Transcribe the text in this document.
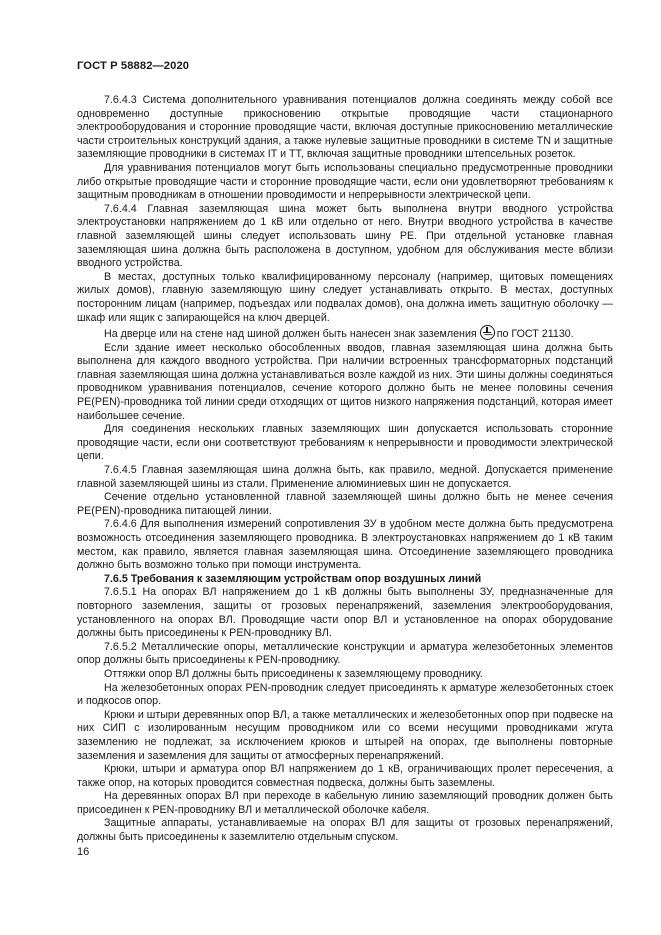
ГОСТ Р 58882—2020

7.6.4.3 Система дополнительного уравнивания потенциалов должна соединять между собой все одновременно доступные прикосновению открытые проводящие части стационарного электрооборудования и сторонние проводящие части, включая доступные прикосновению металлические части строительных конструкций здания, а также нулевые защитные проводники в системе TN и защитные заземляющие проводники в системах IT и TT, включая защитные проводники штепсельных розеток.

Для уравнивания потенциалов могут быть использованы специально предусмотренные проводники либо открытые проводящие части и сторонние проводящие части, если они удовлетворяют требованиям к защитным проводникам в отношении проводимости и непрерывности электрической цепи.

7.6.4.4 Главная заземляющая шина может быть выполнена внутри вводного устройства электроустановки напряжением до 1 кВ или отдельно от него. Внутри вводного устройства в качестве главной заземляющей шины следует использовать шину PE. При отдельной установке главная заземляющая шина должна быть расположена в доступном, удобном для обслуживания месте вблизи вводного устройства.

В местах, доступных только квалифицированному персоналу (например, щитовых помещениях жилых домов), главную заземляющую шину следует устанавливать открыто. В местах, доступных посторонним лицам (например, подъездах или подвалах домов), она должна иметь защитную оболочку — шкаф или ящик с запирающейся на ключ дверцей.

На дверце или на стене над шиной должен быть нанесен знак заземления по ГОСТ 21130.

Если здание имеет несколько обособленных вводов, главная заземляющая шина должна быть выполнена для каждого вводного устройства. При наличии встроенных трансформаторных подстанций главная заземляющая шина должна устанавливаться возле каждой из них. Эти шины должны соединяться проводником уравнивания потенциалов, сечение которого должно быть не менее половины сечения PE(PEN)-проводника той линии среди отходящих от щитов низкого напряжения подстанций, которая имеет наибольшее сечение.

Для соединения нескольких главных заземляющих шин допускается использовать сторонние проводящие части, если они соответствуют требованиям к непрерывности и проводимости электрической цепи.

7.6.4.5 Главная заземляющая шина должна быть, как правило, медной. Допускается применение главной заземляющей шины из стали. Применение алюминиевых шин не допускается.

Сечение отдельно установленной главной заземляющей шины должно быть не менее сечения PE(PEN)-проводника питающей линии.

7.6.4.6 Для выполнения измерений сопротивления ЗУ в удобном месте должна быть предусмотрена возможность отсоединения заземляющего проводника. В электроустановках напряжением до 1 кВ таким местом, как правило, является главная заземляющая шина. Отсоединение заземляющего проводника должно быть возможно только при помощи инструмента.

7.6.5 Требования к заземляющим устройствам опор воздушных линий

7.6.5.1 На опорах ВЛ напряжением до 1 кВ должны быть выполнены ЗУ, предназначенные для повторного заземления, защиты от грозовых перенапряжений, заземления электрооборудования, установленного на опорах ВЛ. Проводящие части опор ВЛ и установленное на опорах оборудование должны быть присоединены к PEN-проводнику ВЛ.

7.6.5.2 Металлические опоры, металлические конструкции и арматура железобетонных элементов опор должны быть присоединены к PEN-проводнику.

Оттяжки опор ВЛ должны быть присоединены к заземляющему проводнику.

На железобетонных опорах PEN-проводник следует присоединять к арматуре железобетонных стоек и подкосов опор.

Крюки и штыри деревянных опор ВЛ, а также металлических и железобетонных опор при подвеске на них СИП с изолированным несущим проводником или со всеми несущими проводниками жгута заземлению не подлежат, за исключением крюков и штырей на опорах, где выполнены повторные заземления и заземления для защиты от атмосферных перенапряжений.

Крюки, штыри и арматура опор ВЛ напряжением до 1 кВ, ограничивающих пролет пересечения, а также опор, на которых проводится совместная подвеска, должны быть заземлены.

На деревянных опорах ВЛ при переходе в кабельную линию заземляющий проводник должен быть присоединен к PEN-проводнику ВЛ и металлической оболочке кабеля.

Защитные аппараты, устанавливаемые на опорах ВЛ для защиты от грозовых перенапряжений, должны быть присоединены к заземлителю отдельным спуском.

16
